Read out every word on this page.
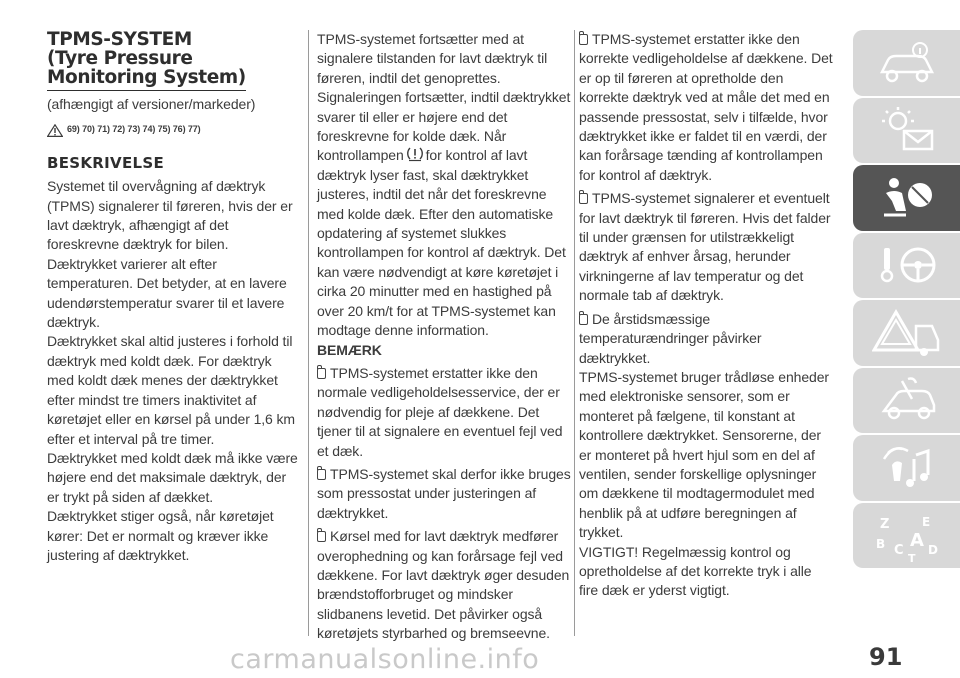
TPMS-SYSTEM
(Tyre Pressure
Monitoring System)
(afhængigt af versioner/markeder)
69) 70) 71) 72) 73) 74) 75) 76) 77)
BESKRIVELSE

Systemet til overvågning af dæktryk (TPMS) signalerer til føreren, hvis der er lavt dæktryk, afhængigt af det foreskrevne dæktryk for bilen.

Dæktrykket varierer alt efter temperaturen. Det betyder, at en lavere udendørstemperatur svarer til et lavere dæktryk.

Dæktrykket skal altid justeres i forhold til dæktryk med koldt dæk. For dæktryk med koldt dæk menes der dæktrykket efter mindst tre timers inaktivitet af køretøjet eller en kørsel på under 1,6 km efter et interval på tre timer.

Dæktrykket med koldt dæk må ikke være højere end det maksimale dæktryk, der er trykt på siden af dækket.

Dæktrykket stiger også, når køretøjet kører: Det er normalt og kræver ikke justering af dæktrykket.

TPMS-systemet fortsætter med at signalere tilstanden for lavt dæktryk til føreren, indtil det genoprettes. Signaleringen fortsætter, indtil dæktrykket svarer til eller er højere end det foreskrevne for kolde dæk. Når kontrollampen for kontrol af lavt dæktryk lyser fast, skal dæktrykket justeres, indtil det når det foreskrevne med kolde dæk. Efter den automatiske opdatering af systemet slukkes kontrollampen for kontrol af dæktryk. Det kan være nødvendigt at køre køretøjet i cirka 20 minutter med en hastighed på over 20 km/t for at TPMS-systemet kan modtage denne information.

BEMÆRK

TPMS-systemet erstatter ikke den normale vedligeholdelsesservice, der er nødvendig for pleje af dækkene. Det tjener til at signalere en eventuel fejl ved et dæk.

TPMS-systemet skal derfor ikke bruges som pressostat under justeringen af dæktrykket.

Kørsel med for lavt dæktryk medfører overophedning og kan forårsage fejl ved dækkene. For lavt dæktryk øger desuden brændstofforbruget og mindsker slidbanens levetid. Det påvirker også køretøjets styrbarhed og bremseevne.

TPMS-systemet erstatter ikke den korrekte vedligeholdelse af dækkene. Det er op til føreren at opretholde den korrekte dæktryk ved at måle det med en passende pressostat, selv i tilfælde, hvor dæktrykket ikke er faldet til en værdi, der kan forårsage tænding af kontrollampen for kontrol af dæktryk.

TPMS-systemet signalerer et eventuelt for lavt dæktryk til føreren. Hvis det falder til under grænsen for utilstrækkeligt dæktryk af enhver årsag, herunder virkningerne af lav temperatur og det normale tab af dæktryk.

De årstidsmæssige temperaturændringer påvirker dæktrykket.

TPMS-systemet bruger trådløse enheder med elektroniske sensorer, som er monteret på fælgene, til konstant at kontrollere dæktrykket. Sensorerne, der er monteret på hvert hjul som en del af ventilen, sender forskellige oplysninger om dækkene til modtagermodulet med henblik på at udføre beregningen af trykket.

VIGTIGT! Regelmæssig kontrol og opretholdelse af det korrekte tryk i alle fire dæk er yderst vigtigt.

Z	E
B A
C D
T
91
carmanualsonline.info
